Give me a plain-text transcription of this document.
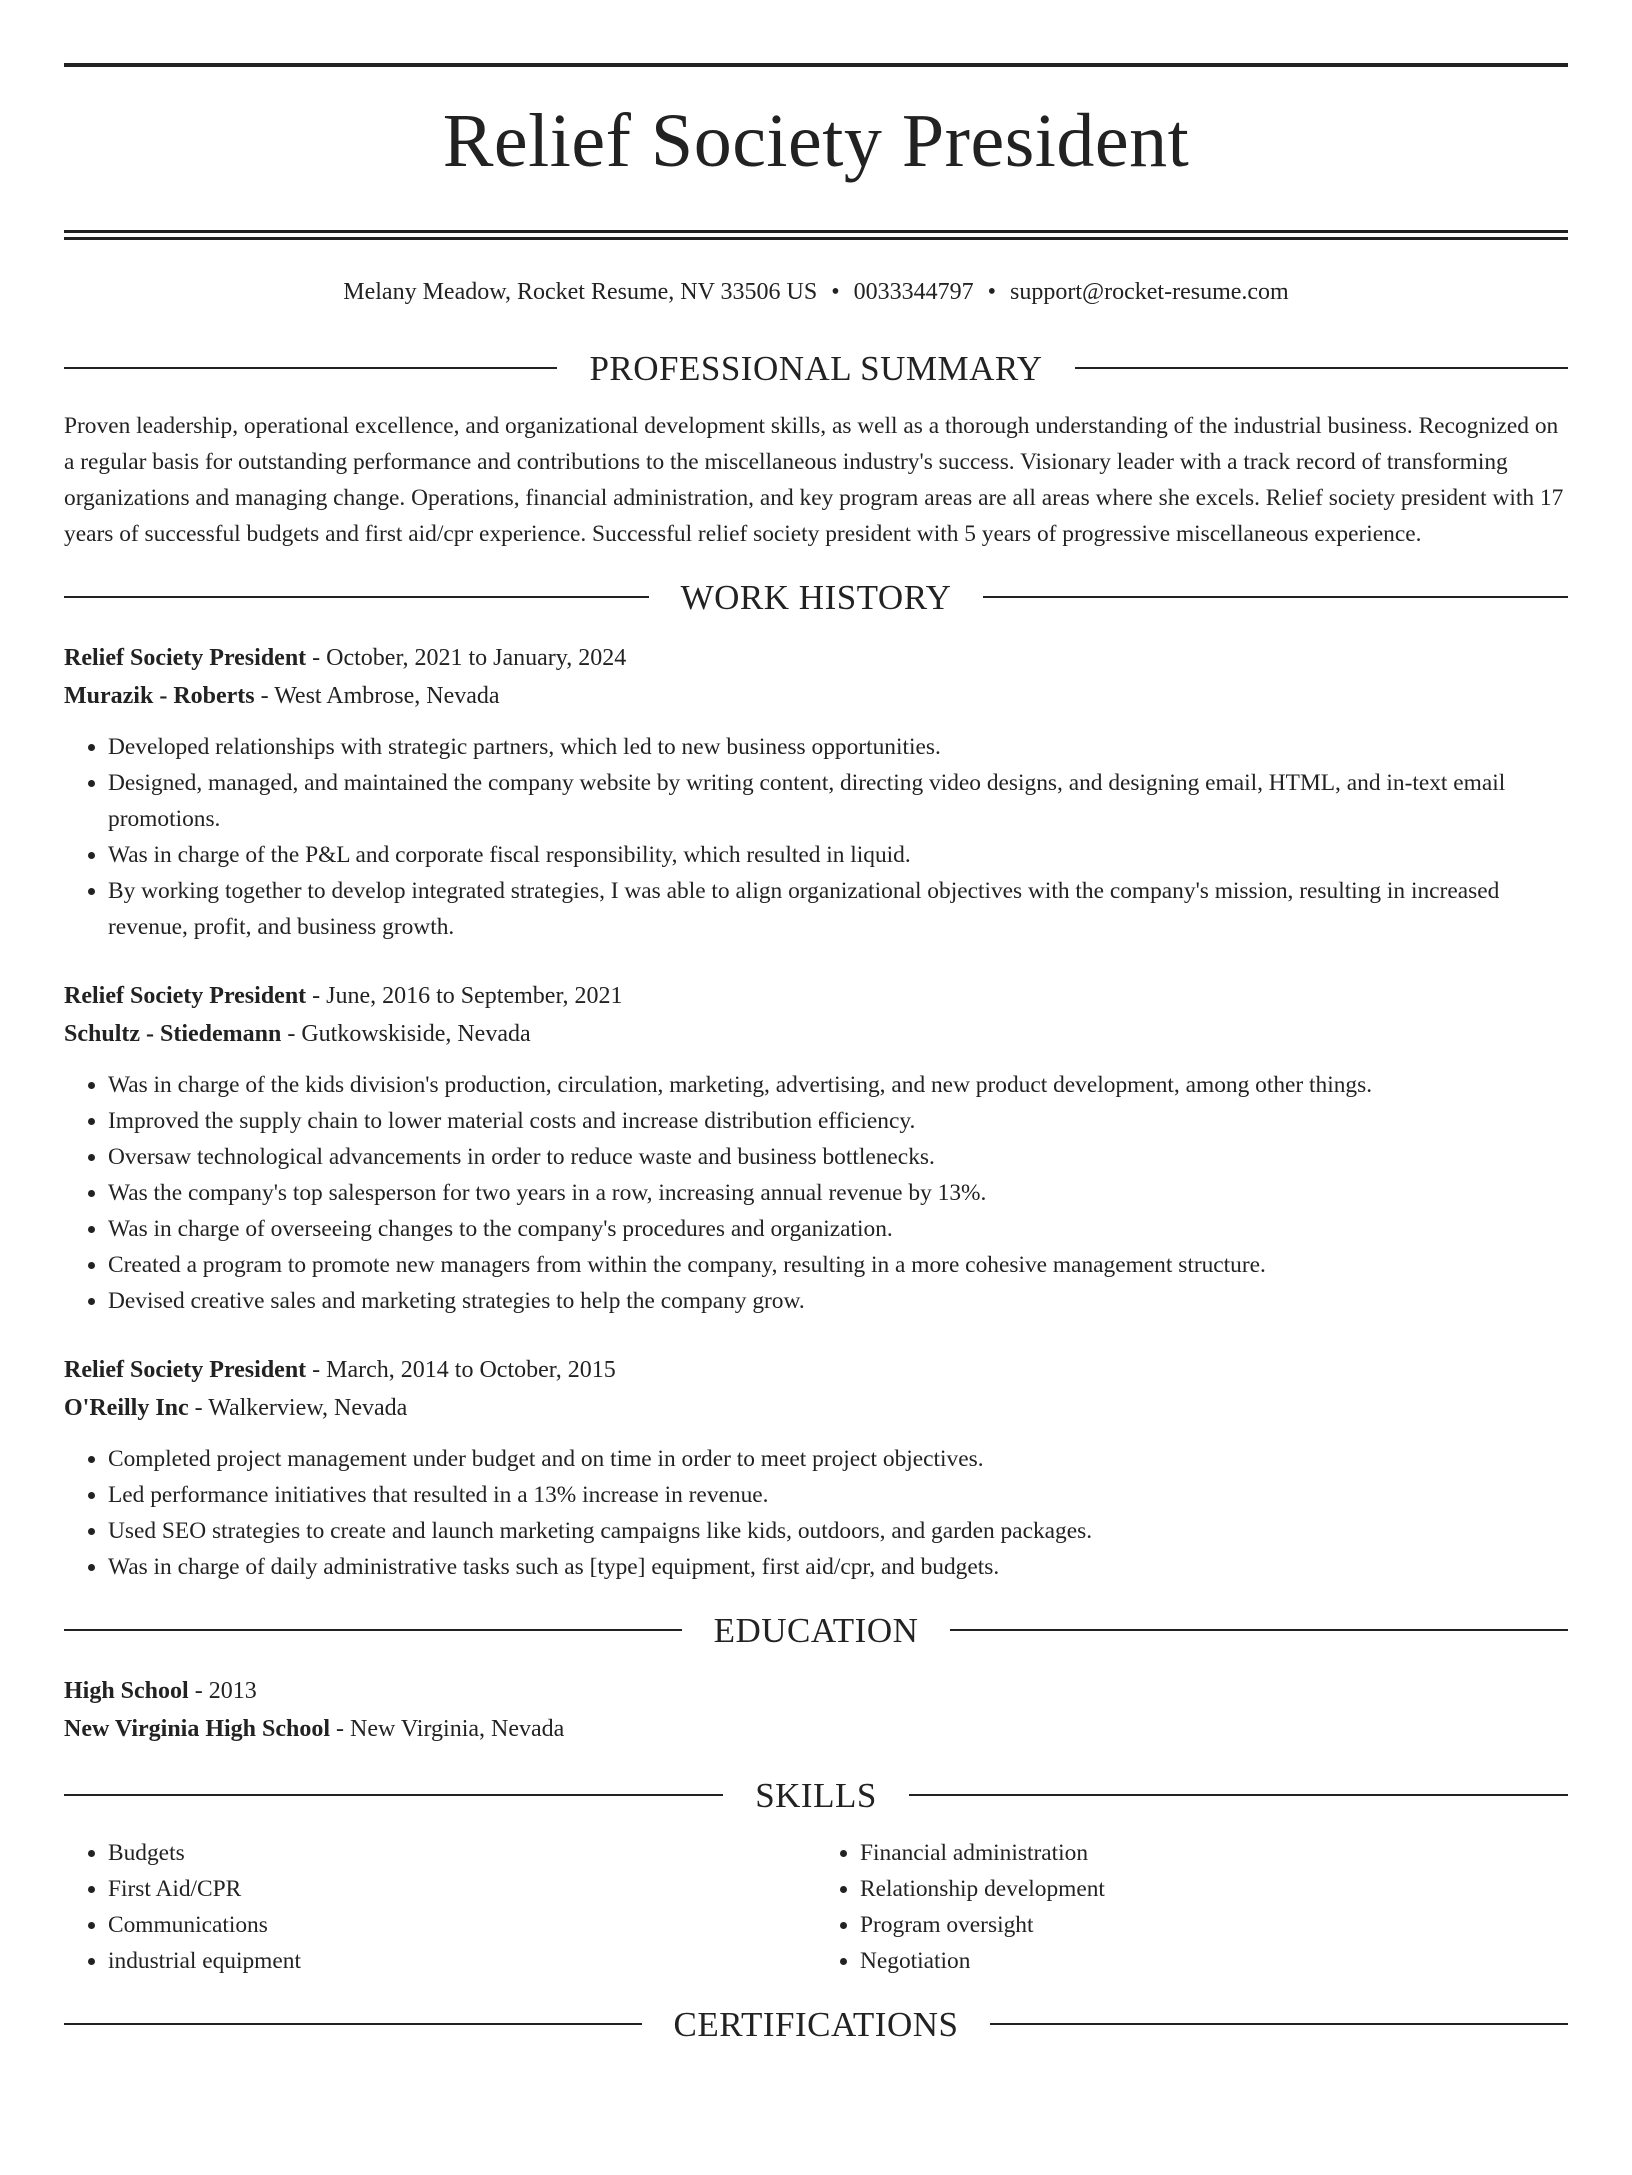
Relief Society President
Melany Meadow, Rocket Resume, NV 33506 US • 0033344797 • support@rocket-resume.com
PROFESSIONAL SUMMARY
Proven leadership, operational excellence, and organizational development skills, as well as a thorough understanding of the industrial business. Recognized on a regular basis for outstanding performance and contributions to the miscellaneous industry's success. Visionary leader with a track record of transforming organizations and managing change. Operations, financial administration, and key program areas are all areas where she excels. Relief society president with 17 years of successful budgets and first aid/cpr experience. Successful relief society president with 5 years of progressive miscellaneous experience.
WORK HISTORY
Relief Society President - October, 2021 to January, 2024
Murazik - Roberts - West Ambrose, Nevada
• Developed relationships with strategic partners, which led to new business opportunities.
• Designed, managed, and maintained the company website by writing content, directing video designs, and designing email, HTML, and in-text email promotions.
• Was in charge of the P&L and corporate fiscal responsibility, which resulted in liquid.
• By working together to develop integrated strategies, I was able to align organizational objectives with the company's mission, resulting in increased revenue, profit, and business growth.
Relief Society President - June, 2016 to September, 2021
Schultz - Stiedemann - Gutkowskiside, Nevada
• Was in charge of the kids division's production, circulation, marketing, advertising, and new product development, among other things.
• Improved the supply chain to lower material costs and increase distribution efficiency.
• Oversaw technological advancements in order to reduce waste and business bottlenecks.
• Was the company's top salesperson for two years in a row, increasing annual revenue by 13%.
• Was in charge of overseeing changes to the company's procedures and organization.
• Created a program to promote new managers from within the company, resulting in a more cohesive management structure.
• Devised creative sales and marketing strategies to help the company grow.
Relief Society President - March, 2014 to October, 2015
O'Reilly Inc - Walkerview, Nevada
• Completed project management under budget and on time in order to meet project objectives.
• Led performance initiatives that resulted in a 13% increase in revenue.
• Used SEO strategies to create and launch marketing campaigns like kids, outdoors, and garden packages.
• Was in charge of daily administrative tasks such as [type] equipment, first aid/cpr, and budgets.
EDUCATION
High School - 2013
New Virginia High School - New Virginia, Nevada
SKILLS
• Budgets
• First Aid/CPR
• Communications
• industrial equipment
• Financial administration
• Relationship development
• Program oversight
• Negotiation
CERTIFICATIONS
